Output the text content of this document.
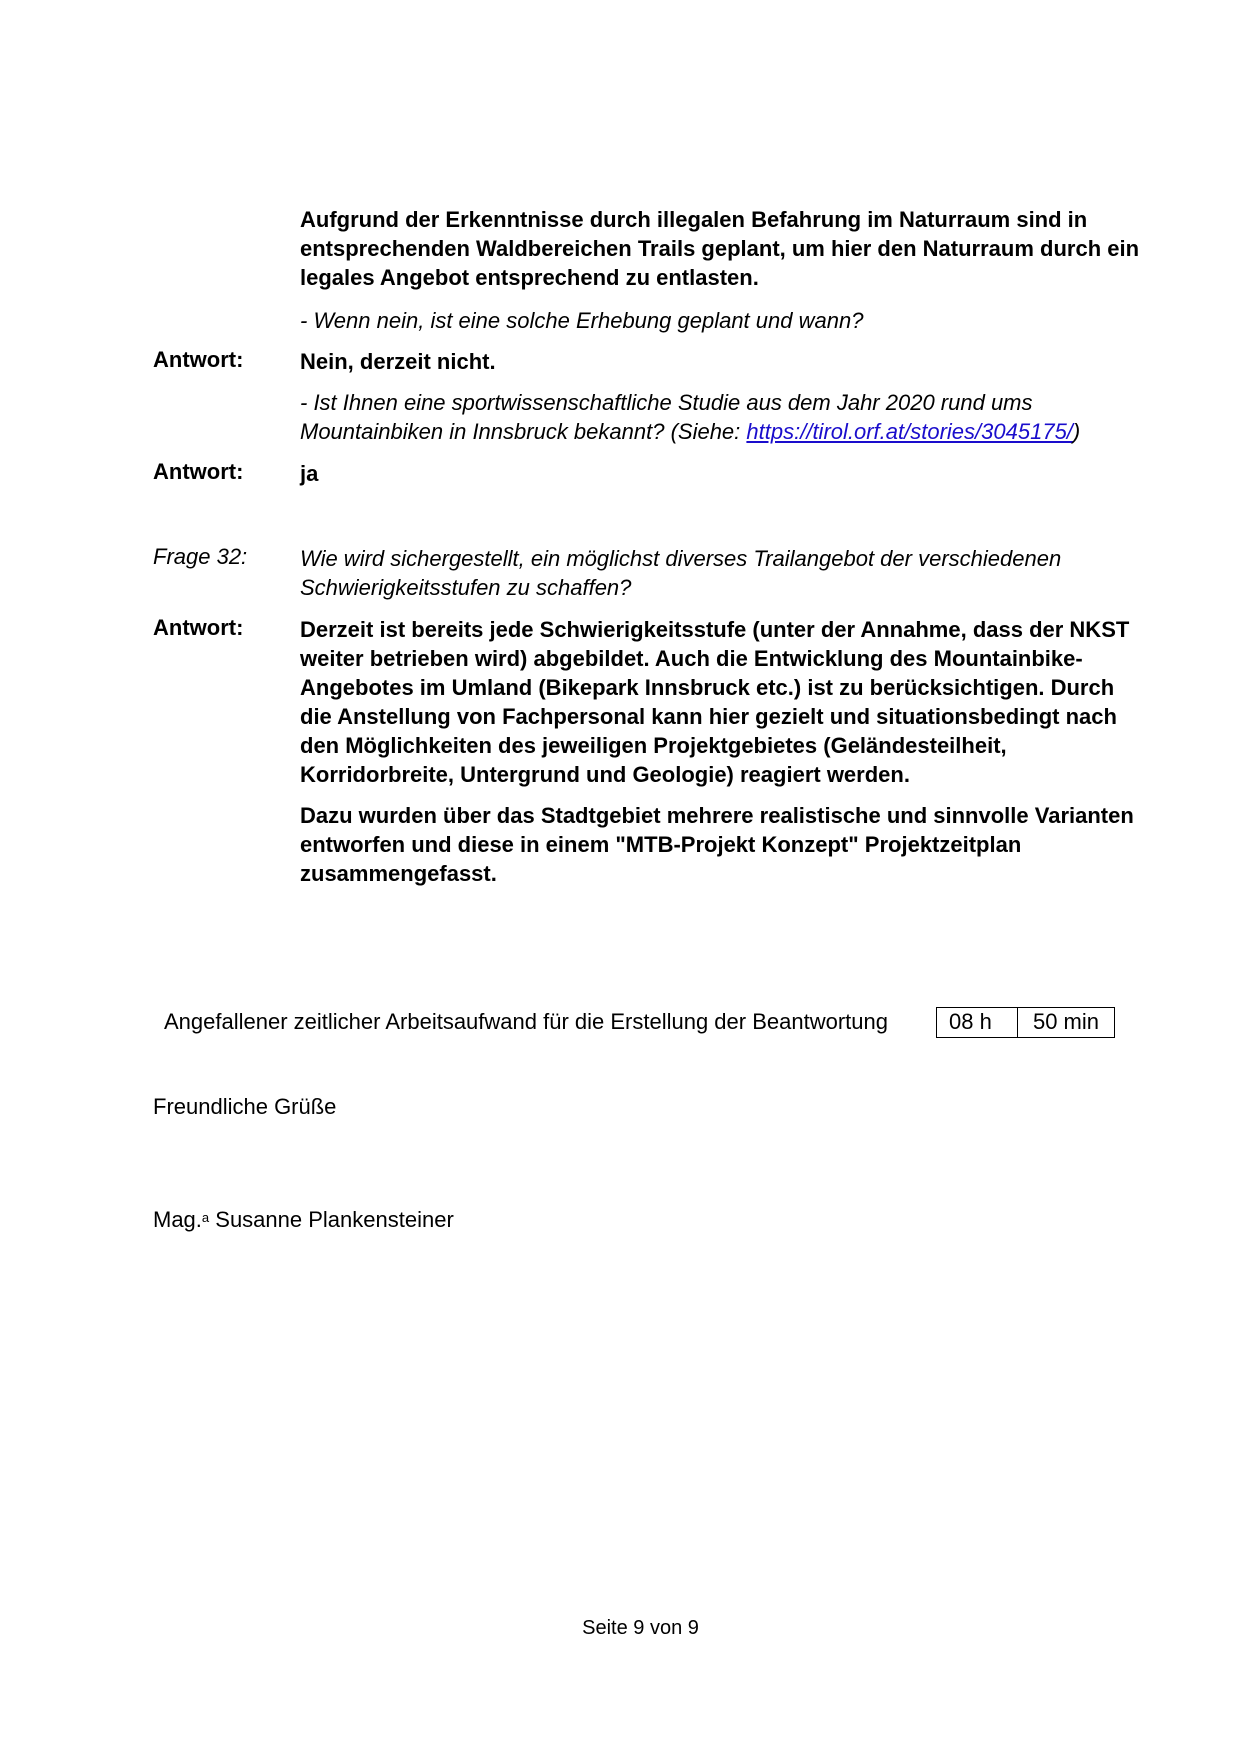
Aufgrund der Erkenntnisse durch illegalen Befahrung im Naturraum sind in entsprechenden Waldbereichen Trails geplant, um hier den Naturraum durch ein legales Angebot entsprechend zu entlasten.

- Wenn nein, ist eine solche Erhebung geplant und wann?

Antwort:	Nein, derzeit nicht.

- Ist Ihnen eine sportwissenschaftliche Studie aus dem Jahr 2020 rund ums Mountainbiken in Innsbruck bekannt? (Siehe: https://tirol.orf.at/stories/3045175/)

Antwort:	ja
Frage 32: Wie wird sichergestellt, ein möglichst diverses Trailangebot der verschiedenen Schwierigkeitsstufen zu schaffen?

Antwort:	Derzeit ist bereits jede Schwierigkeitsstufe (unter der Annahme, dass der NKST weiter betrieben wird) abgebildet. Auch die Entwicklung des Mountainbike-Angebotes im Umland (Bikepark Innsbruck etc.) ist zu berücksichtigen. Durch die Anstellung von Fachpersonal kann hier gezielt und situationsbedingt nach den Möglichkeiten des jeweiligen Projektgebietes (Geländesteilheit, Korridorbreite, Untergrund und Geologie) reagiert werden.

Dazu wurden über das Stadtgebiet mehrere realistische und sinnvolle Varianten entworfen und diese in einem "MTB-Projekt Konzept" Projektzeitplan zusammengefasst.

Angefallener zeitlicher Arbeitsaufwand für die Erstellung der Beantwortung	08 h	50 min
Freundliche Grüße
Mag.$^a$ Susanne Plankensteiner
Seite 9 von 9
